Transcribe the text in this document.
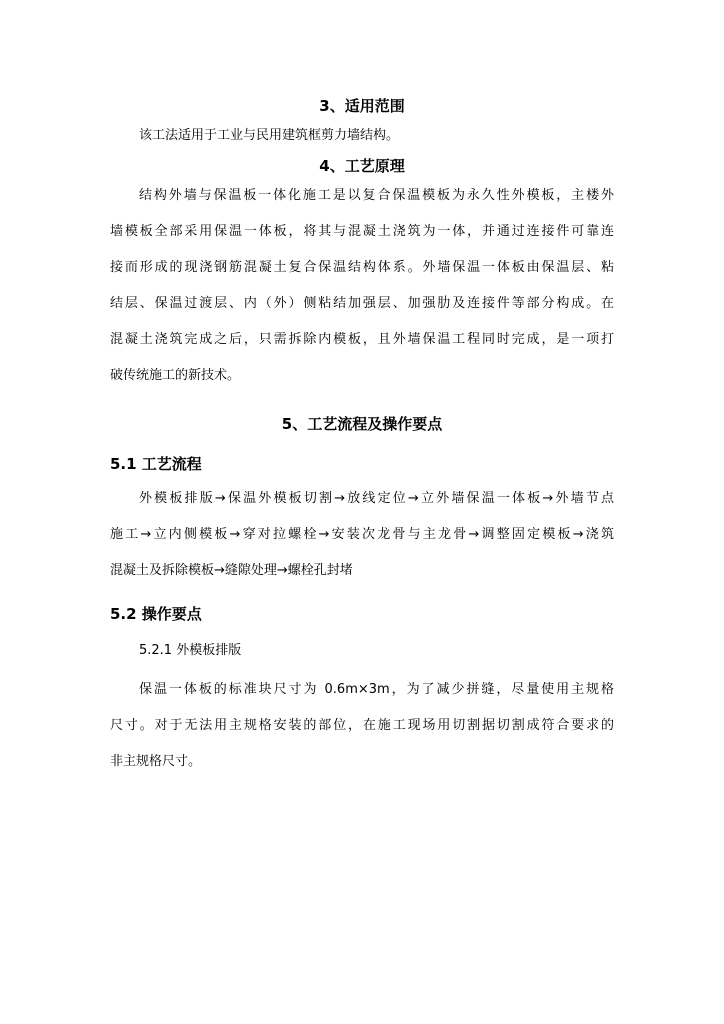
3、适用范围
该工法适用于工业与民用建筑框剪力墙结构。
4、工艺原理
结构外墙与保温板一体化施工是以复合保温模板为永久性外模板，主楼外
墙模板全部采用保温一体板，将其与混凝土浇筑为一体，并通过连接件可靠连
接而形成的现浇钢筋混凝土复合保温结构体系。外墙保温一体板由保温层、粘
结层、保温过渡层、内（外）侧粘结加强层、加强肋及连接件等部分构成。在
混凝土浇筑完成之后，只需拆除内模板，且外墙保温工程同时完成，是一项打
破传统施工的新技术。
5、工艺流程及操作要点
5.1 工艺流程
外模板排版→保温外模板切割→放线定位→立外墙保温一体板→外墙节点
施工→立内侧模板→穿对拉螺栓→安装次龙骨与主龙骨→调整固定模板→浇筑
混凝土及拆除模板→缝隙处理→螺栓孔封堵
5.2 操作要点
5.2.1 外模板排版
保温一体板的标准块尺寸为 0.6m×3m，为了减少拼缝，尽量使用主规格
尺寸。对于无法用主规格安装的部位，在施工现场用切割据切割成符合要求的
非主规格尺寸。
